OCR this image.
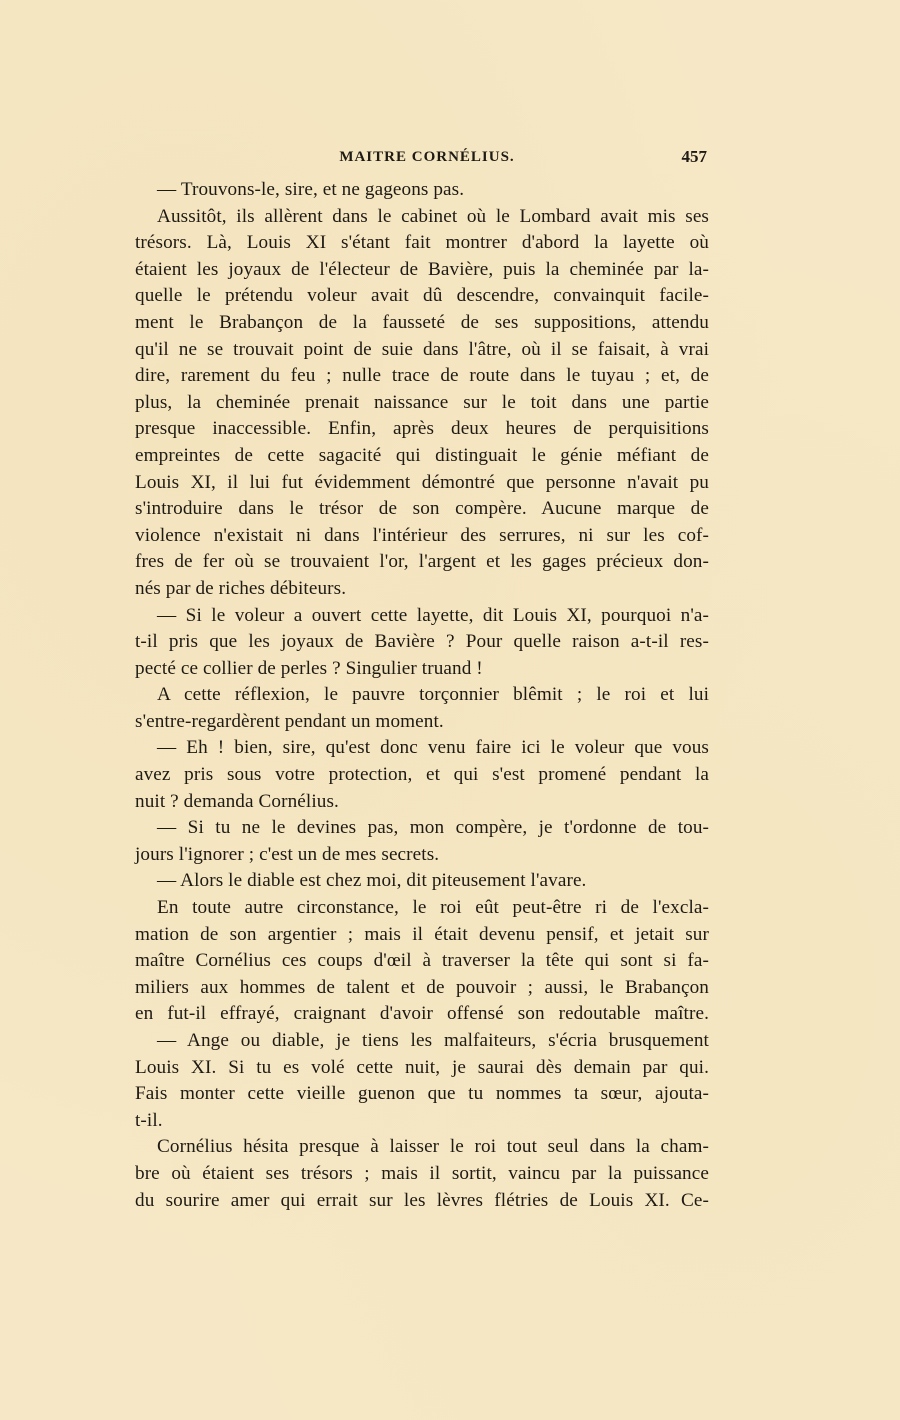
MAITRE CORNÉLIUS.	457
— Trouvons-le, sire, et ne gageons pas.
Aussitôt, ils allèrent dans le cabinet où le Lombard avait mis ses
trésors. Là, Louis XI s'étant fait montrer d'abord la layette où
étaient les joyaux de l'électeur de Bavière, puis la cheminée par la-
quelle le prétendu voleur avait dû descendre, convainquit facile-
ment le Brabançon de la fausseté de ses suppositions, attendu
qu'il ne se trouvait point de suie dans l'âtre, où il se faisait, à vrai
dire, rarement du feu ; nulle trace de route dans le tuyau ; et, de
plus, la cheminée prenait naissance sur le toit dans une partie
presque inaccessible. Enfin, après deux heures de perquisitions
empreintes de cette sagacité qui distinguait le génie méfiant de
Louis XI, il lui fut évidemment démontré que personne n'avait pu
s'introduire dans le trésor de son compère. Aucune marque de
violence n'existait ni dans l'intérieur des serrures, ni sur les cof-
fres de fer où se trouvaient l'or, l'argent et les gages précieux don-
nés par de riches débiteurs.
— Si le voleur a ouvert cette layette, dit Louis XI, pourquoi n'a-
t-il pris que les joyaux de Bavière ? Pour quelle raison a-t-il res-
pecté ce collier de perles ? Singulier truand !
A cette réflexion, le pauvre torçonnier blêmit ; le roi et lui
s'entre-regardèrent pendant un moment.
— Eh ! bien, sire, qu'est donc venu faire ici le voleur que vous
avez pris sous votre protection, et qui s'est promené pendant la
nuit ? demanda Cornélius.
— Si tu ne le devines pas, mon compère, je t'ordonne de tou-
jours l'ignorer ; c'est un de mes secrets.
— Alors le diable est chez moi, dit piteusement l'avare.
En toute autre circonstance, le roi eût peut-être ri de l'excla-
mation de son argentier ; mais il était devenu pensif, et jetait sur
maître Cornélius ces coups d'œil à traverser la tête qui sont si fa-
miliers aux hommes de talent et de pouvoir ; aussi, le Brabançon
en fut-il effrayé, craignant d'avoir offensé son redoutable maître.
— Ange ou diable, je tiens les malfaiteurs, s'écria brusquement
Louis XI. Si tu es volé cette nuit, je saurai dès demain par qui.
Fais monter cette vieille guenon que tu nommes ta sœur, ajouta-
t-il.
Cornélius hésita presque à laisser le roi tout seul dans la cham-
bre où étaient ses trésors ; mais il sortit, vaincu par la puissance
du sourire amer qui errait sur les lèvres flétries de Louis XI. Ce-
